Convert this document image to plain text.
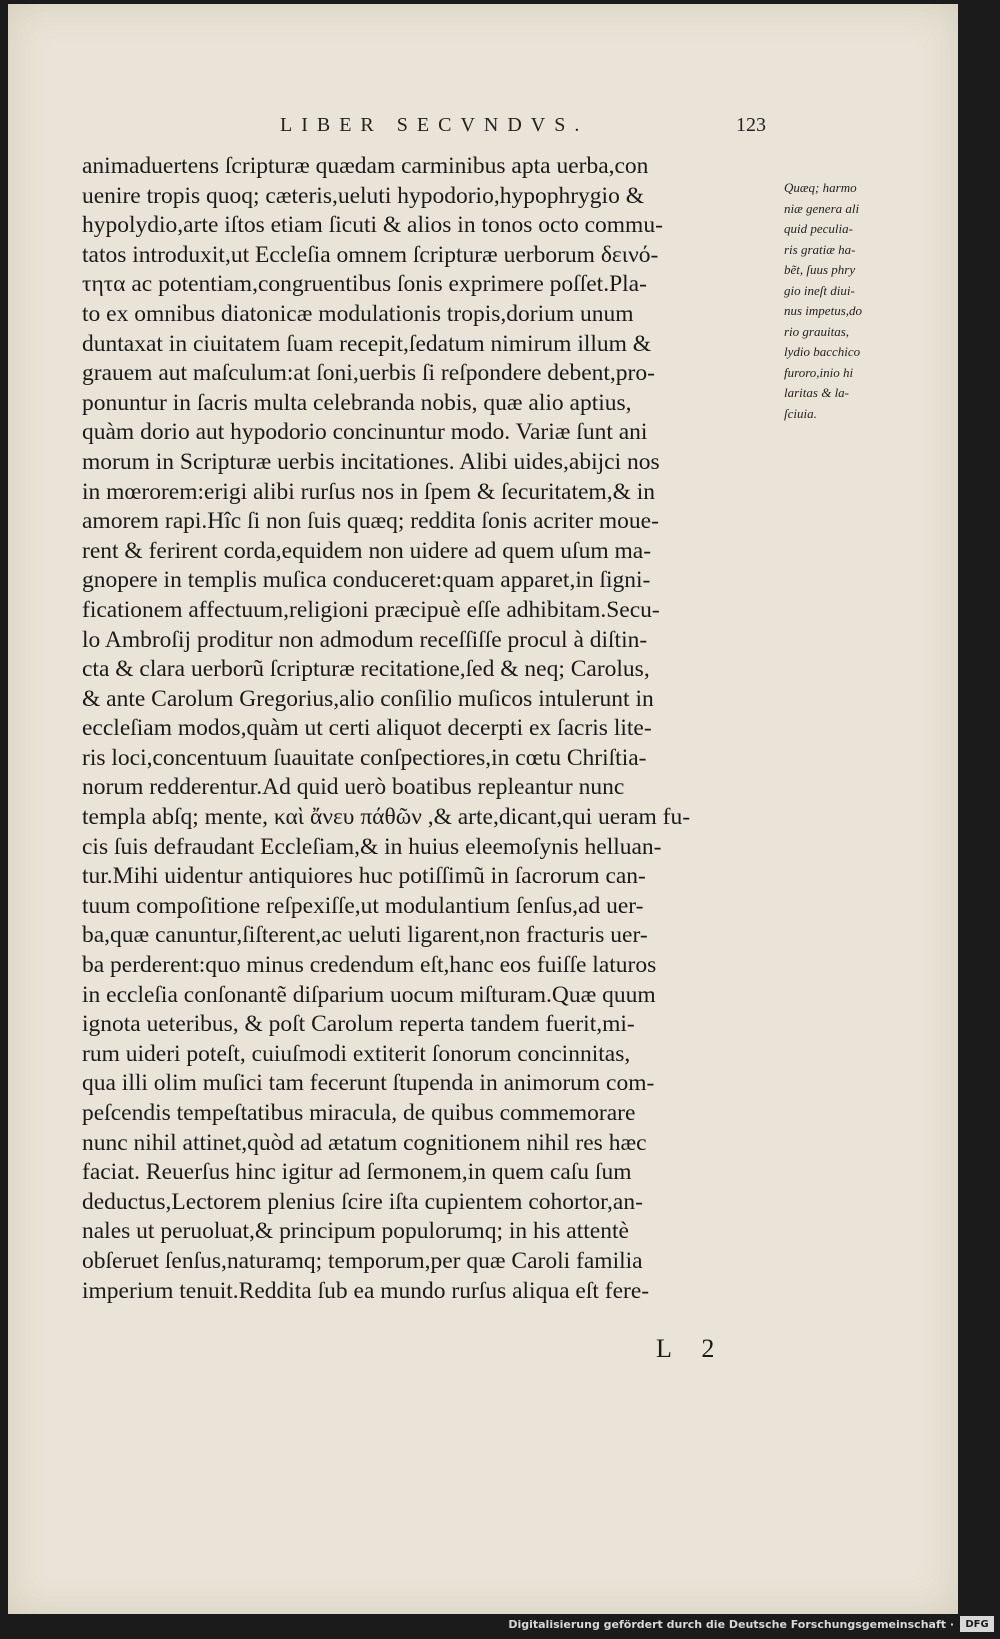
LIBER SECVNDVS.	123
animaduertens ſcripturæ quædam carminibus apta uerba,con
uenire tropis quoq; cæteris,ueluti hypodorio,hypophrygio &
hypolydio,arte iſtos etiam ſicuti & alios in tonos octo commu-
tatos introduxit,ut Eccleſia omnem ſcripturæ uerborum δεινό-
τητα ac potentiam,congruentibus ſonis exprimere poſſet.Pla-
to ex omnibus diatonicæ modulationis tropis,dorium unum
duntaxat in ciuitatem ſuam recepit,ſedatum nimirum illum &
grauem aut maſculum:at ſoni,uerbis ſi reſpondere debent,pro-
ponuntur in ſacris multa celebranda nobis, quæ alio aptius,
quàm dorio aut hypodorio concinuntur modo. Variæ ſunt ani
morum in Scripturæ uerbis incitationes. Alibi uides,abijci nos
in mœrorem:erigi alibi rurſus nos in ſpem & ſecuritatem,& in
amorem rapi.Hîc ſi non ſuis quæq; reddita ſonis acriter moue-
rent & ferirent corda,equidem non uidere ad quem uſum ma-
gnopere in templis muſica conduceret:quam apparet,in ſigni-
ficationem affectuum,religioni præcipuè eſſe adhibitam.Secu-
lo Ambroſij proditur non admodum receſſiſſe procul à diſtin-
cta & clara uerborũ ſcripturæ recitatione,ſed & neq; Carolus,
& ante Carolum Gregorius,alio conſilio muſicos intulerunt in
eccleſiam modos,quàm ut certi aliquot decerpti ex ſacris lite-
ris loci,concentuum ſuauitate conſpectiores,in cœtu Chriſtia-
norum redderentur.Ad quid uerò boatibus repleantur nunc
templa abſq; mente, καὶ ἄνευ πάθῶν ,& arte,dicant,qui ueram fu-
cis ſuis defraudant Eccleſiam,& in huius eleemoſynis helluan-
tur.Mihi uidentur antiquiores huc potiſſimũ in ſacrorum can-
tuum compoſitione reſpexiſſe,ut modulantium ſenſus,ad uer-
ba,quæ canuntur,ſiſterent,ac ueluti ligarent,non fracturis uer-
ba perderent:quo minus credendum eſt,hanc eos fuiſſe laturos
in eccleſia conſonantẽ diſparium uocum miſturam.Quæ quum
ignota ueteribus, & poſt Carolum reperta tandem fuerit,mi-
rum uideri poteſt, cuiuſmodi extiterit ſonorum concinnitas,
qua illi olim muſici tam fecerunt ſtupenda in animorum com-
peſcendis tempeſtatibus miracula, de quibus commemorare
nunc nihil attinet,quòd ad ætatum cognitionem nihil res hæc
faciat. Reuerſus hinc igitur ad ſermonem,in quem caſu ſum
deductus,Lectorem plenius ſcire iſta cupientem cohortor,an-
nales ut peruoluat,& principum populorumq; in his attentè
obſeruet ſenſus,naturamq; temporum,per quæ Caroli familia
imperium tenuit.Reddita ſub ea mundo rurſus aliqua eſt fere-
Quæq; harmo
niæ genera ali
quid peculia-
ris gratiæ ha-
bẽt, ſuus phry
gio ineſt diui-
nus impetus,do
rio grauitas,
lydio bacchico
furoro,inio hi
laritas & la-
ſciuia.
L 2
Digitalisierung gefördert durch die Deutsche Forschungsgemeinschaft ·	DFG
